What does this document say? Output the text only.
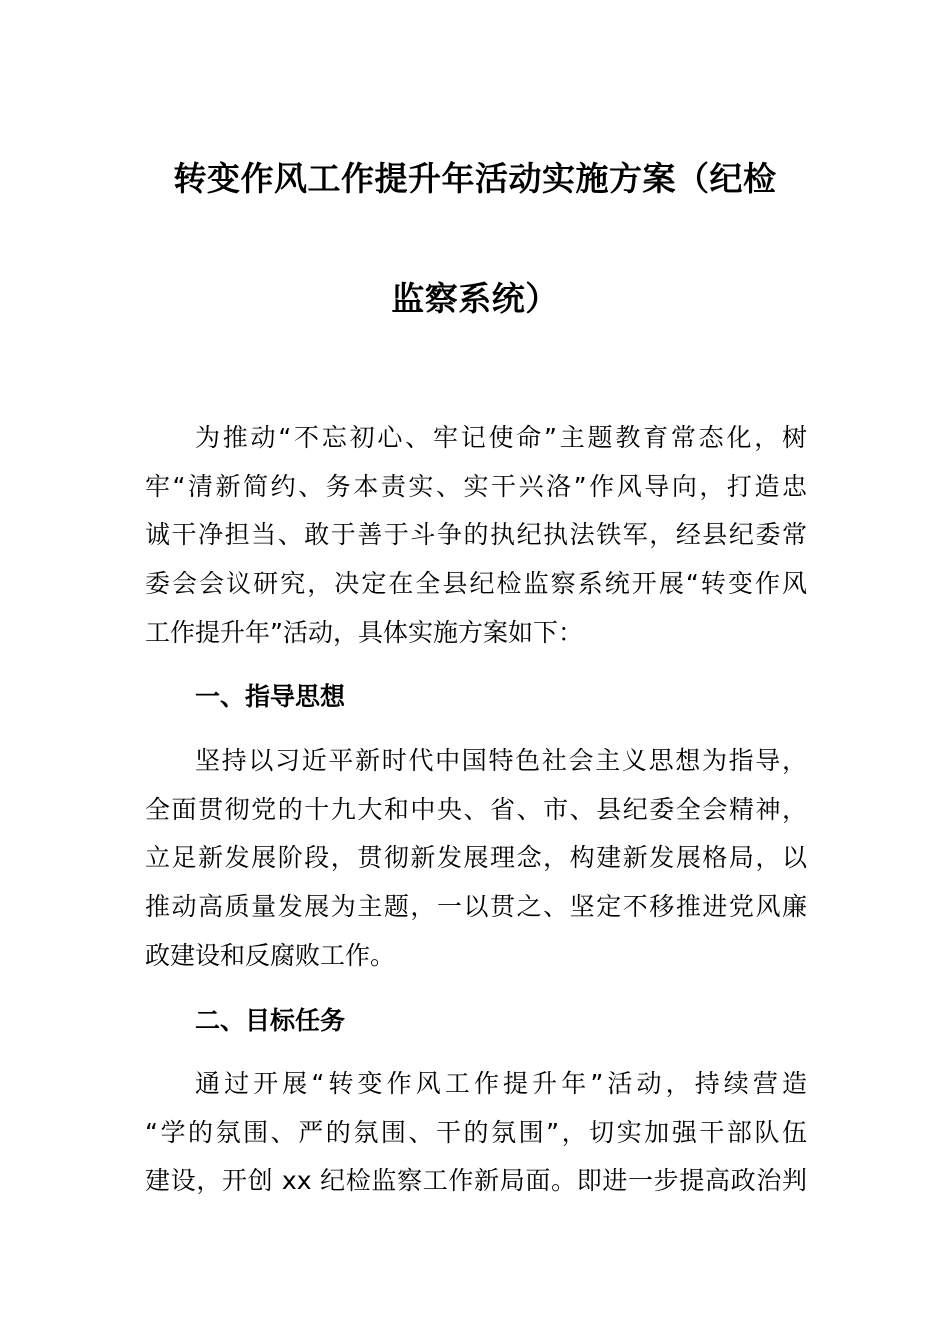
转变作风工作提升年活动实施方案（纪检
监察系统）
为推动“不忘初心、牢记使命”主题教育常态化，树
牢“清新简约、务本责实、实干兴洛”作风导向，打造忠
诚干净担当、敢于善于斗争的执纪执法铁军，经县纪委常
委会会议研究，决定在全县纪检监察系统开展“转变作风
工作提升年”活动，具体实施方案如下：
一、指导思想
坚持以习近平新时代中国特色社会主义思想为指导，
全面贯彻党的十九大和中央、省、市、县纪委全会精神，
立足新发展阶段，贯彻新发展理念，构建新发展格局，以
推动高质量发展为主题，一以贯之、坚定不移推进党风廉
政建设和反腐败工作。
二、目标任务
通过开展“转变作风工作提升年”活动，持续营造
“学的氛围、严的氛围、干的氛围”，切实加强干部队伍
建设，开创 xx 纪检监察工作新局面。即进一步提高政治判
